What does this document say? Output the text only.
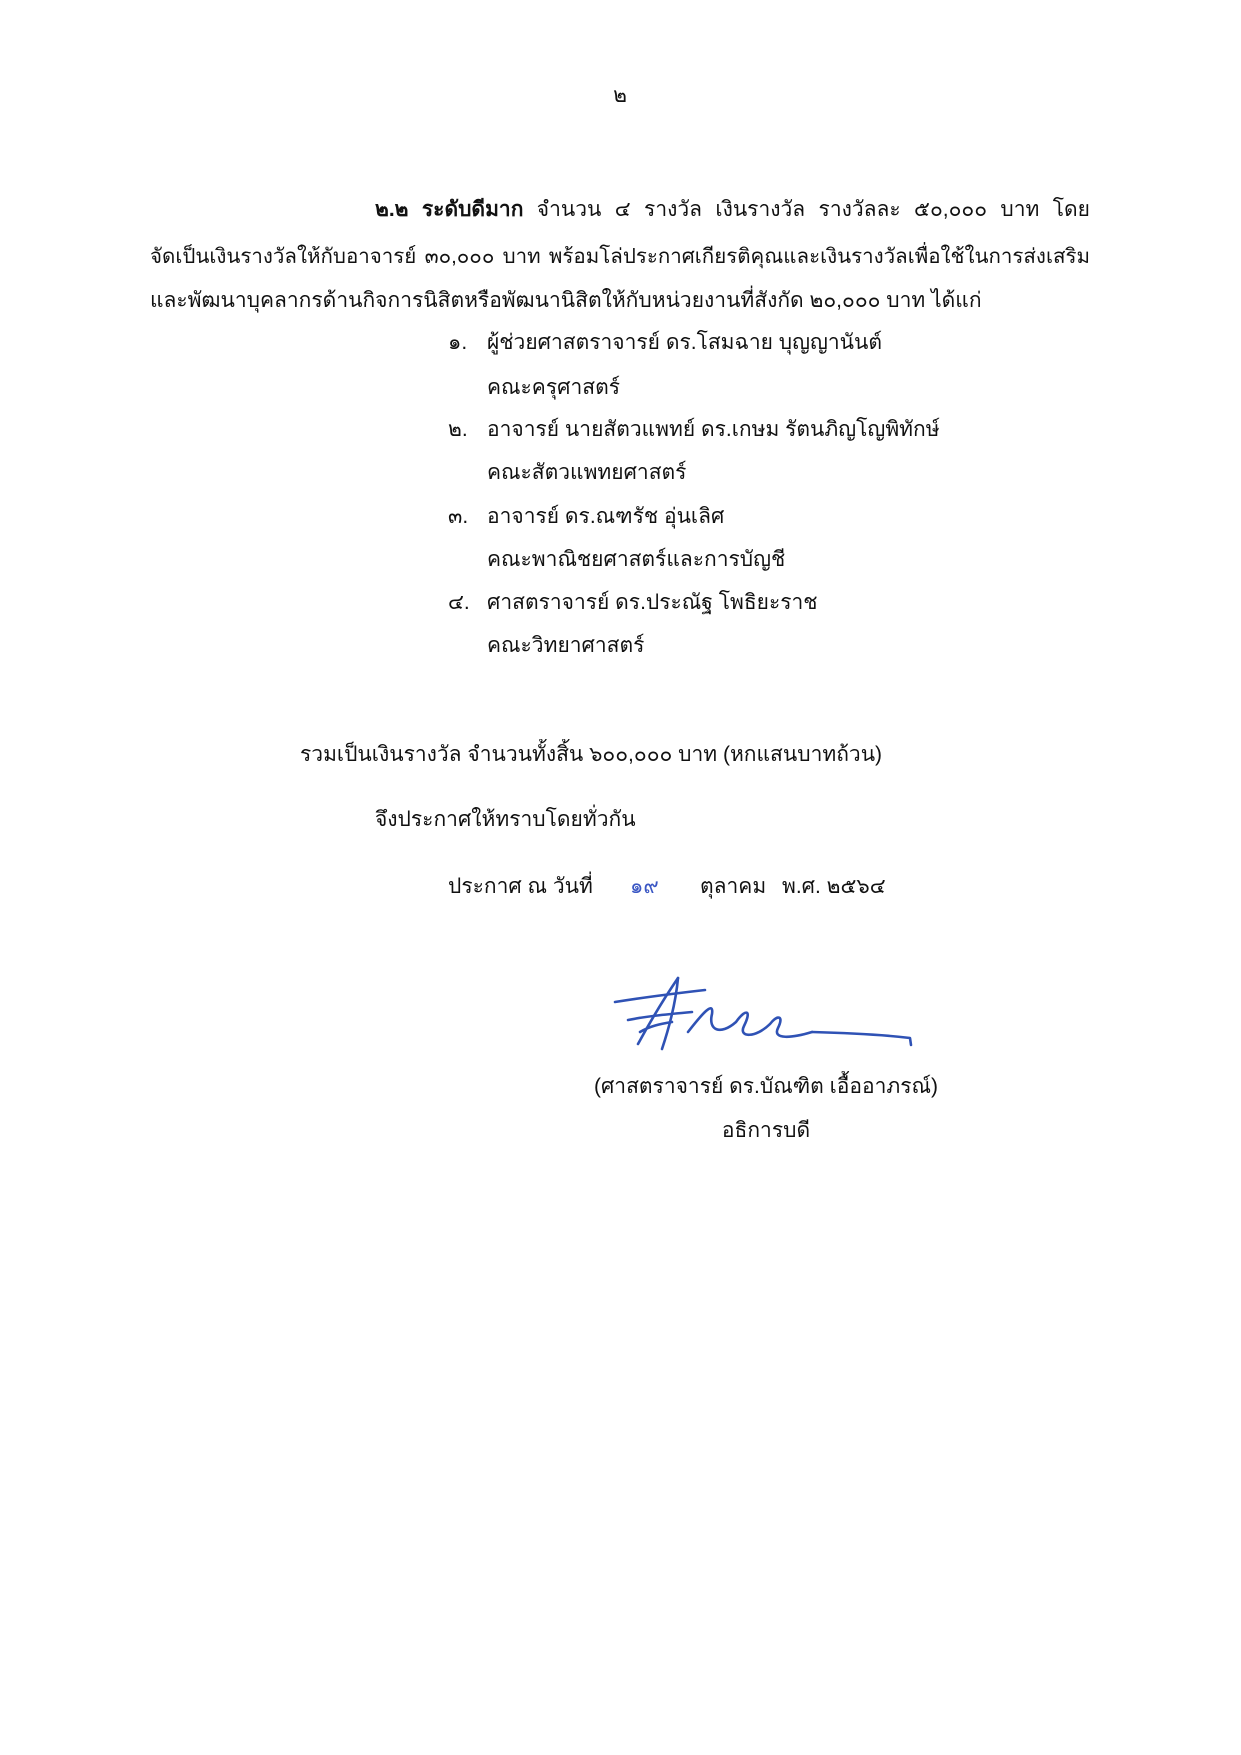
๒
๒.๒ ระดับดีมาก จำนวน ๔ รางวัล เงินรางวัล รางวัลละ ๕๐,๐๐๐ บาท โดย
จัดเป็นเงินรางวัลให้กับอาจารย์ ๓๐,๐๐๐ บาท พร้อมโล่ประกาศเกียรติคุณและเงินรางวัลเพื่อใช้ในการส่งเสริม
และพัฒนาบุคลากรด้านกิจการนิสิตหรือพัฒนานิสิตให้กับหน่วยงานที่สังกัด ๒๐,๐๐๐ บาท ได้แก่
๑. ผู้ช่วยศาสตราจารย์ ดร.โสมฉาย บุญญานันต์
คณะครุศาสตร์
๒. อาจารย์ นายสัตวแพทย์ ดร.เกษม รัตนภิญโญพิทักษ์
คณะสัตวแพทยศาสตร์
๓. อาจารย์ ดร.ณฑรัช อุ่นเลิศ
คณะพาณิชยศาสตร์และการบัญชี
๔. ศาสตราจารย์ ดร.ประณัฐ โพธิยะราช
คณะวิทยาศาสตร์
รวมเป็นเงินรางวัล จำนวนทั้งสิ้น ๖๐๐,๐๐๐ บาท (หกแสนบาทถ้วน)
จึงประกาศให้ทราบโดยทั่วกัน
ประกาศ ณ วันที่	๑๙	ตุลาคม พ.ศ. ๒๕๖๔
(ศาสตราจารย์ ดร.บัณฑิต เอื้ออาภรณ์)
อธิการบดี
